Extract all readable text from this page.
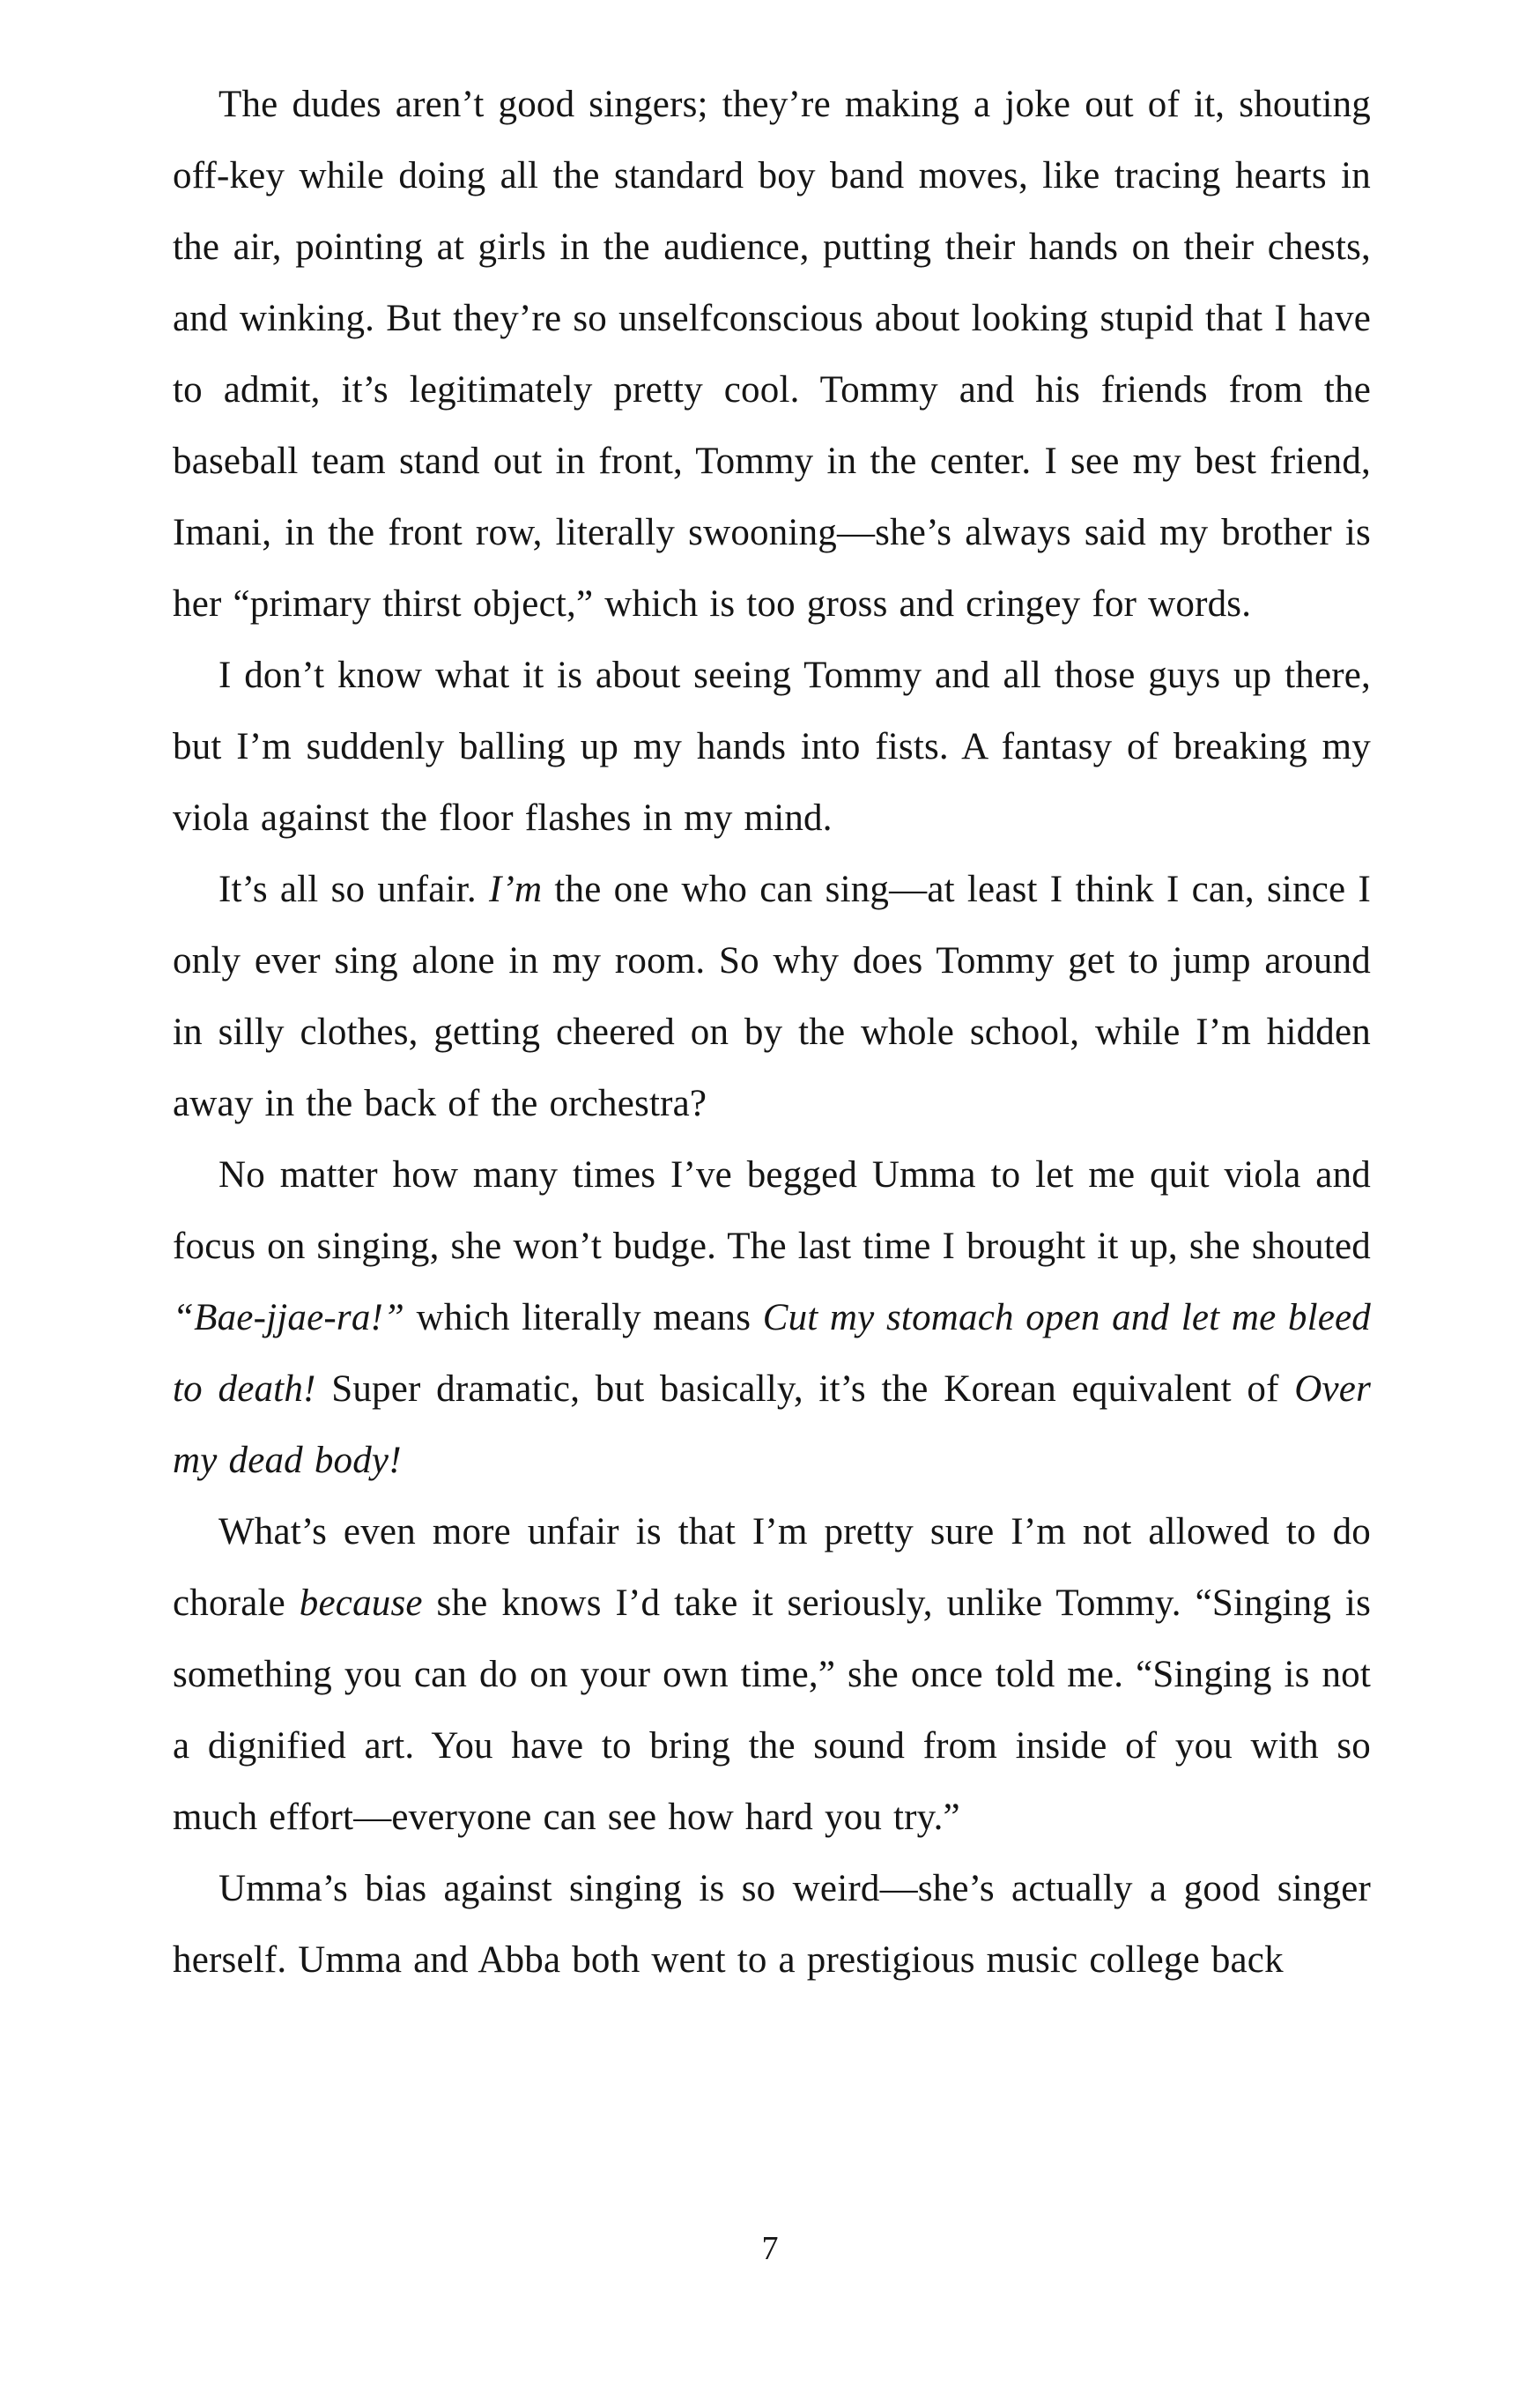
The dudes aren’t good singers; they’re making a joke out of it, shouting off-key while doing all the standard boy band moves, like tracing hearts in the air, pointing at girls in the audience, putting their hands on their chests, and winking. But they’re so unselfconscious about looking stupid that I have to admit, it’s legitimately pretty cool. Tommy and his friends from the baseball team stand out in front, Tommy in the center. I see my best friend, Imani, in the front row, literally swooning—she’s always said my brother is her “primary thirst object,” which is too gross and cringey for words.

I don’t know what it is about seeing Tommy and all those guys up there, but I’m suddenly balling up my hands into fists. A fantasy of breaking my viola against the floor flashes in my mind.

It’s all so unfair. I’m the one who can sing—at least I think I can, since I only ever sing alone in my room. So why does Tommy get to jump around in silly clothes, getting cheered on by the whole school, while I’m hidden away in the back of the orchestra?

No matter how many times I’ve begged Umma to let me quit viola and focus on singing, she won’t budge. The last time I brought it up, she shouted “Bae-jjae-ra!” which literally means Cut my stomach open and let me bleed to death! Super dramatic, but basically, it’s the Korean equivalent of Over my dead body!

What’s even more unfair is that I’m pretty sure I’m not allowed to do chorale because she knows I’d take it seriously, unlike Tommy. “Singing is something you can do on your own time,” she once told me. “Singing is not a dignified art. You have to bring the sound from inside of you with so much effort—everyone can see how hard you try.”

Umma’s bias against singing is so weird—she’s actually a good singer herself. Umma and Abba both went to a prestigious music college back

7
